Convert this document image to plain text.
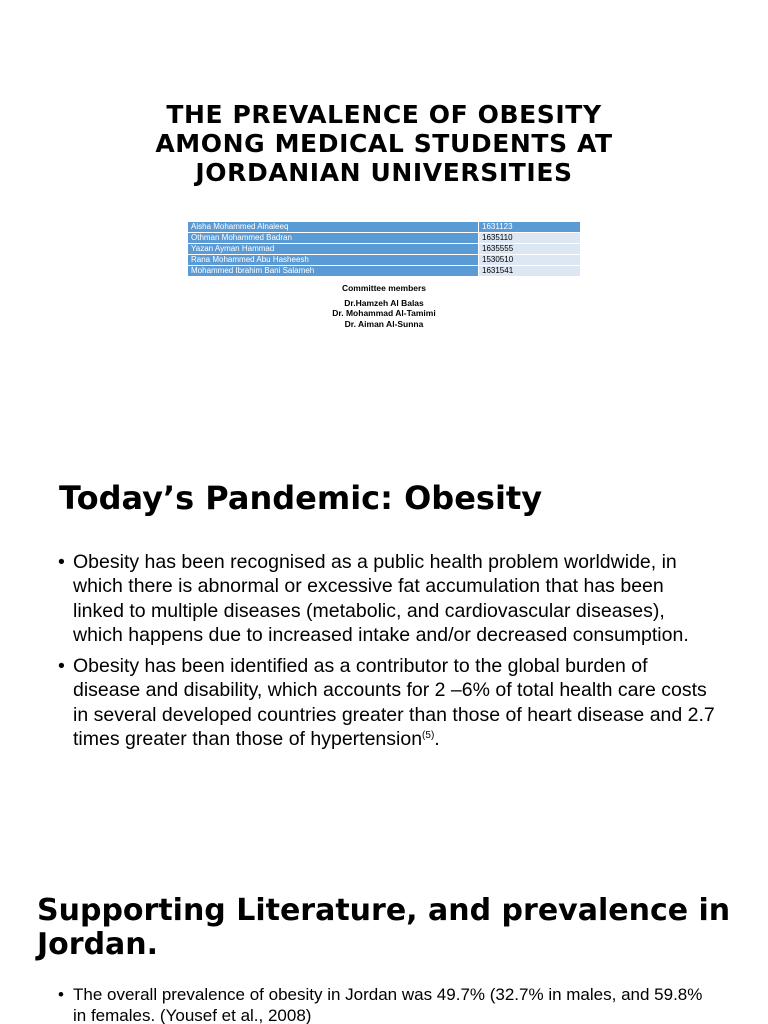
THE PREVALENCE OF OBESITY
AMONG MEDICAL STUDENTS AT
JORDANIAN UNIVERSITIES
Aisha Mohammed Alnaleeq	1631123
Othman Mohammed Badran	1635110
Yazan Ayman Hammad	1635555
Rana Mohammed Abu Hasheesh	1530510
Mohammed Ibrahim Bani Salameh	1631541
Committee members
Dr.Hamzeh Al Balas
Dr. Mohammad Al-Tamimi
Dr. Aiman Al-Sunna
Today’s Pandemic: Obesity
• Obesity has been recognised as a public health problem worldwide, in which there is abnormal or excessive fat accumulation that has been linked to multiple diseases (metabolic, and cardiovascular diseases), which happens due to increased intake and/or decreased consumption.
• Obesity has been identified as a contributor to the global burden of disease and disability, which accounts for 2 –6% of total health care costs in several developed countries greater than those of heart disease and 2.7 times greater than those of hypertension$^{(5)}$.
Supporting Literature, and prevalence in
Jordan.
• The overall prevalence of obesity in Jordan was 49.7% (32.7% in males, and 59.8% in females. (Yousef et al., 2008)
